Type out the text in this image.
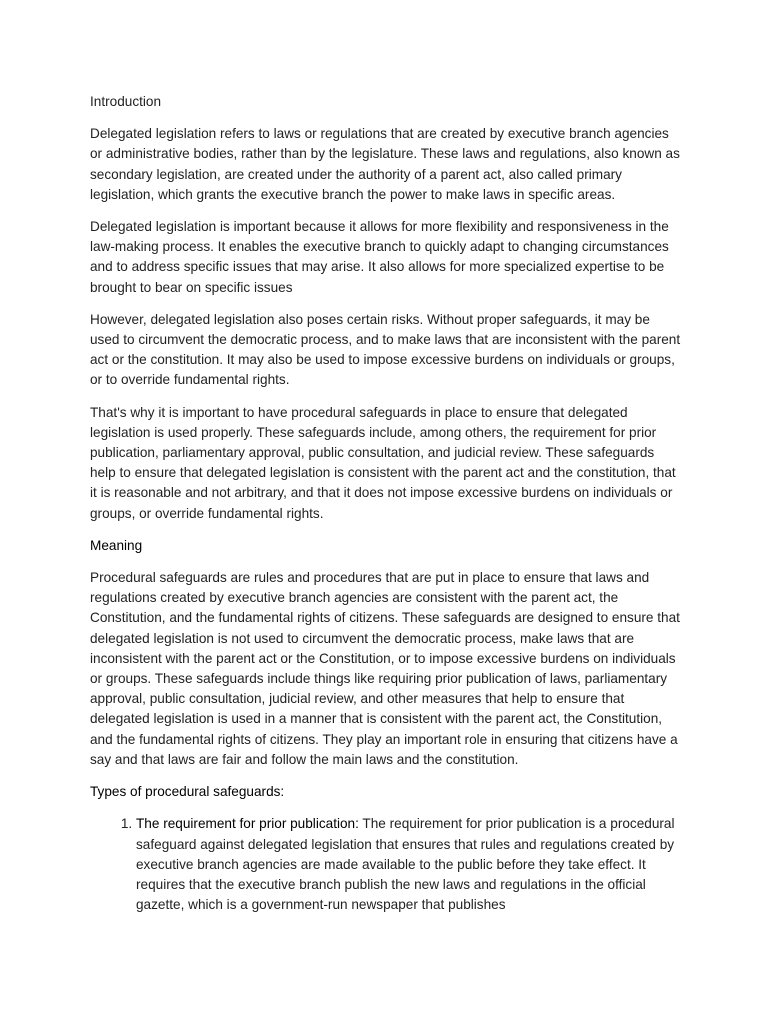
Introduction

Delegated legislation refers to laws or regulations that are created by executive branch agencies or administrative bodies, rather than by the legislature. These laws and regulations, also known as secondary legislation, are created under the authority of a parent act, also called primary legislation, which grants the executive branch the power to make laws in specific areas.

Delegated legislation is important because it allows for more flexibility and responsiveness in the law-making process. It enables the executive branch to quickly adapt to changing circumstances and to address specific issues that may arise. It also allows for more specialized expertise to be brought to bear on specific issues

However, delegated legislation also poses certain risks. Without proper safeguards, it may be used to circumvent the democratic process, and to make laws that are inconsistent with the parent act or the constitution. It may also be used to impose excessive burdens on individuals or groups, or to override fundamental rights.

That's why it is important to have procedural safeguards in place to ensure that delegated legislation is used properly. These safeguards include, among others, the requirement for prior publication, parliamentary approval, public consultation, and judicial review. These safeguards help to ensure that delegated legislation is consistent with the parent act and the constitution, that it is reasonable and not arbitrary, and that it does not impose excessive burdens on individuals or groups, or override fundamental rights.

Meaning

Procedural safeguards are rules and procedures that are put in place to ensure that laws and regulations created by executive branch agencies are consistent with the parent act, the Constitution, and the fundamental rights of citizens. These safeguards are designed to ensure that delegated legislation is not used to circumvent the democratic process, make laws that are inconsistent with the parent act or the Constitution, or to impose excessive burdens on individuals or groups. These safeguards include things like requiring prior publication of laws, parliamentary approval, public consultation, judicial review, and other measures that help to ensure that delegated legislation is used in a manner that is consistent with the parent act, the Constitution, and the fundamental rights of citizens. They play an important role in ensuring that citizens have a say and that laws are fair and follow the main laws and the constitution.

Types of procedural safeguards:
1. The requirement for prior publication: The requirement for prior publication is a procedural safeguard against delegated legislation that ensures that rules and regulations created by executive branch agencies are made available to the public before they take effect. It requires that the executive branch publish the new laws and regulations in the official gazette, which is a government-run newspaper that publishes
